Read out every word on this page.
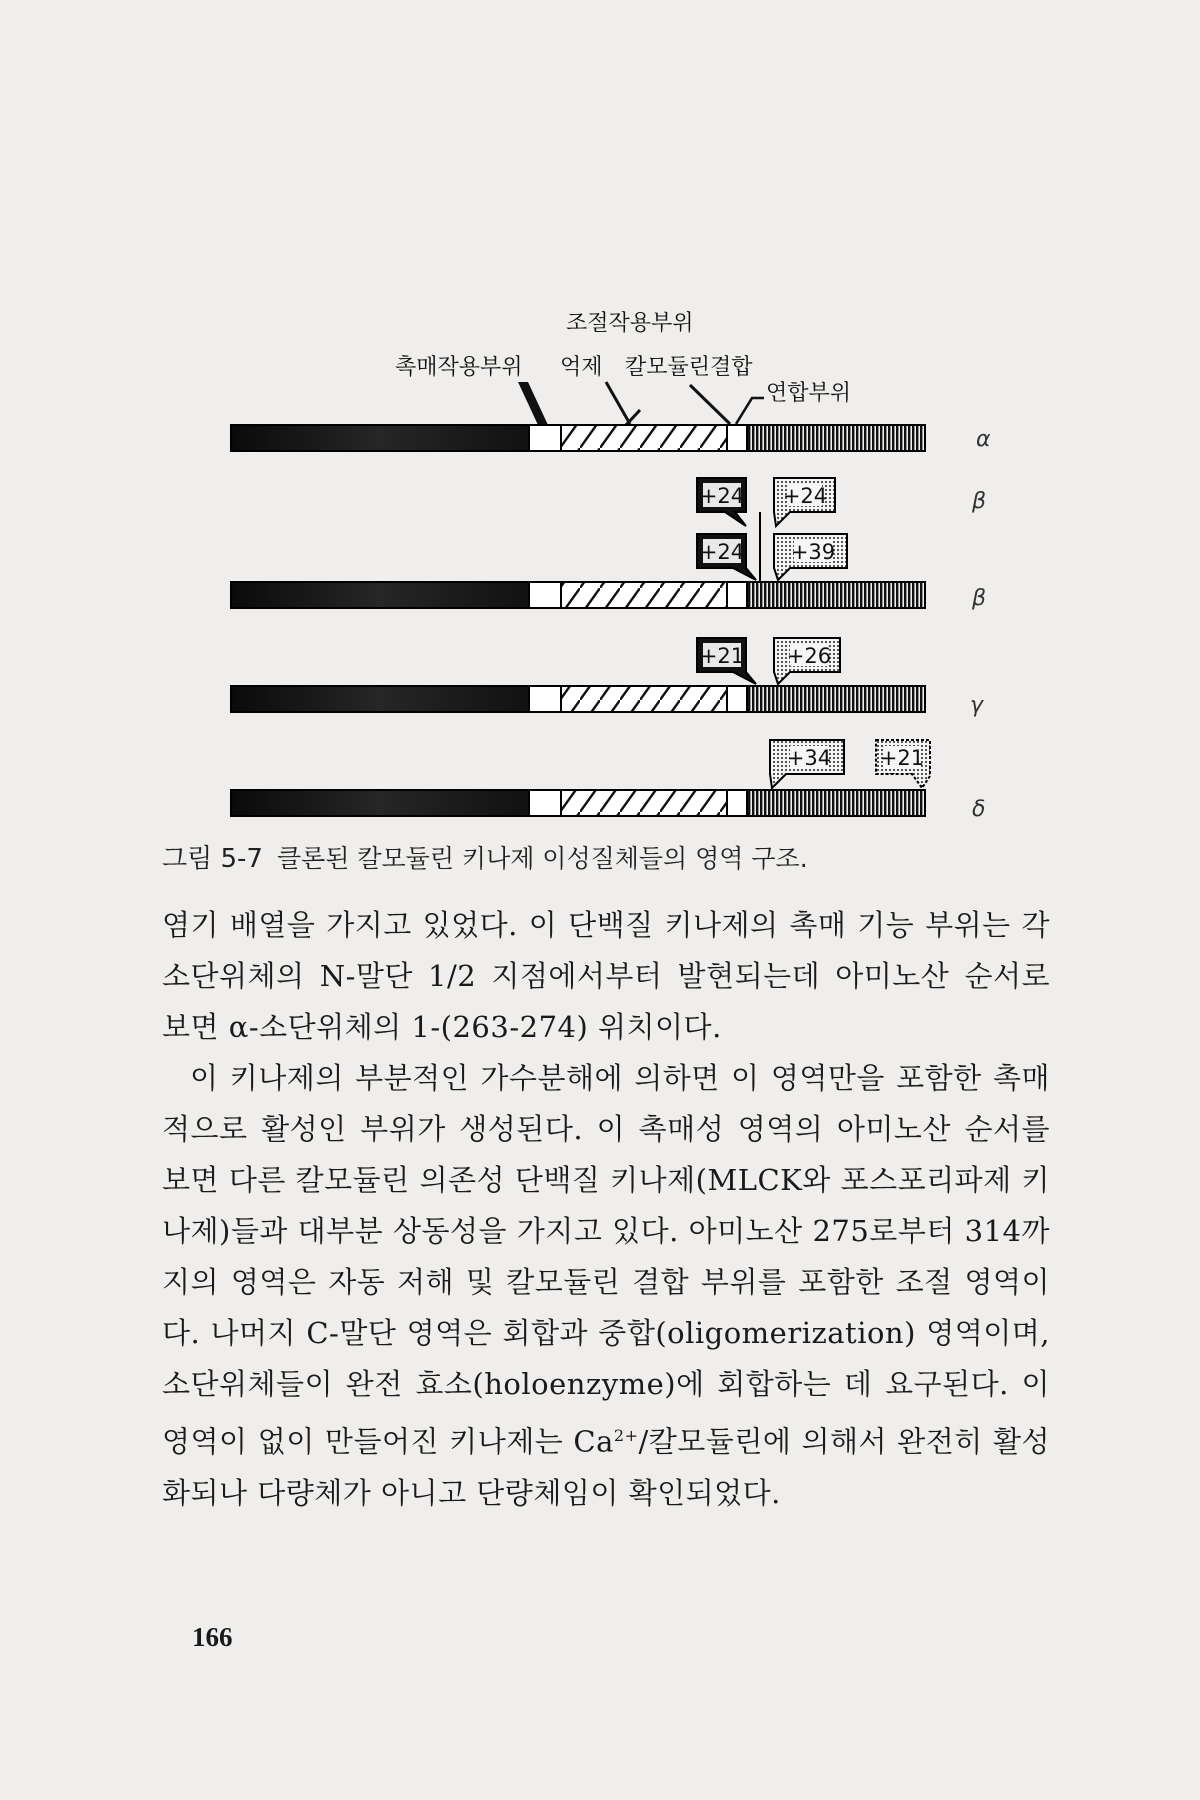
조절작용부위
촉매작용부위 억제 칼모듈린결합
연합부위
+24 +24
+24 +39
+21 +26
+34 +21
α
β
β
γ
δ
그림 5-7 클론된 칼모듈린 키나제 이성질체들의 영역 구조.

염기 배열을 가지고 있었다. 이 단백질 키나제의 촉매 기능 부위는 각 소단위체의 N-말단 1/2 지점에서부터 발현되는데 아미노산 순서로 보면 α-소단위체의 1-(263-274) 위치이다.

이 키나제의 부분적인 가수분해에 의하면 이 영역만을 포함한 촉매적으로 활성인 부위가 생성된다. 이 촉매성 영역의 아미노산 순서를 보면 다른 칼모듈린 의존성 단백질 키나제(MLCK와 포스포리파제 키나제)들과 대부분 상동성을 가지고 있다. 아미노산 275로부터 314까지의 영역은 자동 저해 및 칼모듈린 결합 부위를 포함한 조절 영역이다. 나머지 C-말단 영역은 회합과 중합(oligomerization) 영역이며, 소단위체들이 완전 효소(holoenzyme)에 회합하는 데 요구된다. 이 영역이 없이 만들어진 키나제는 $Ca^{2+}/$칼모듈린에 의해서 완전히 활성화되나 다량체가 아니고 단량체임이 확인되었다.

166
